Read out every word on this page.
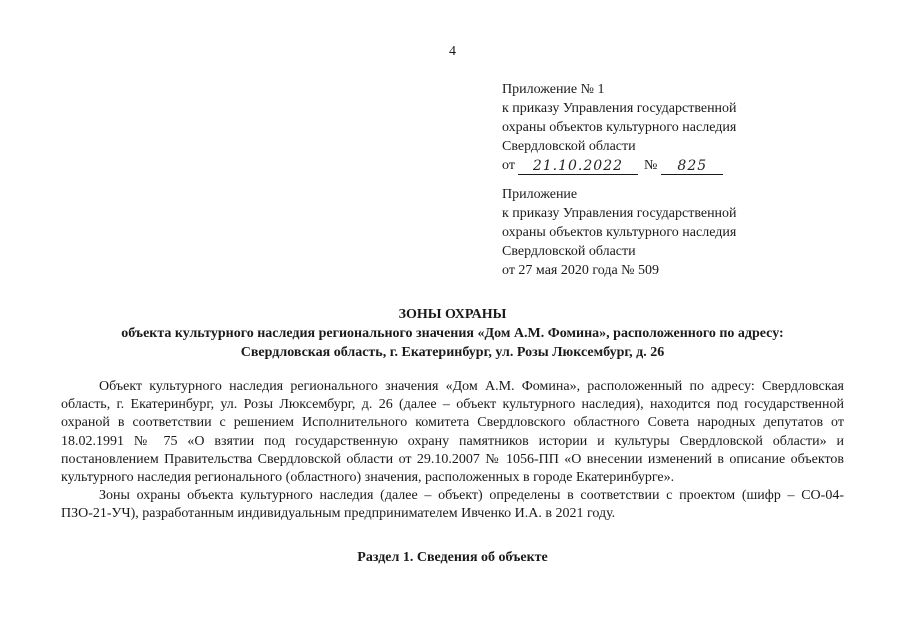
4
Приложение № 1
к приказу Управления государственной
охраны объектов культурного наследия
Свердловской области
от	21.10.2022	№	825
Приложение
к приказу Управления государственной
охраны объектов культурного наследия
Свердловской области
от 27 мая 2020 года № 509
ЗОНЫ ОХРАНЫ
объекта культурного наследия регионального значения «Дом А.М. Фомина», расположенного по адресу:
Свердловская область, г. Екатеринбург, ул. Розы Люксембург, д. 26

Объект культурного наследия регионального значения «Дом А.М. Фомина», расположенный по адресу: Свердловская область, г. Екатеринбург, ул. Розы Люксембург, д. 26 (далее – объект культурного наследия), находится под государственной охраной в соответствии с решением Исполнительного комитета Свердловского областного Совета народных депутатов от 18.02.1991 № 75 «О взятии под государственную охрану памятников истории и культуры Свердловской области» и постановлением Правительства Свердловской области от 29.10.2007 № 1056-ПП «О внесении изменений в описание объектов культурного наследия регионального (областного) значения, расположенных в городе Екатеринбурге».

Зоны охраны объекта культурного наследия (далее – объект) определены в соответствии с проектом (шифр – СО-04-ПЗО-21-УЧ), разработанным индивидуальным предпринимателем Ивченко И.А. в 2021 году.

Раздел 1. Сведения об объекте
